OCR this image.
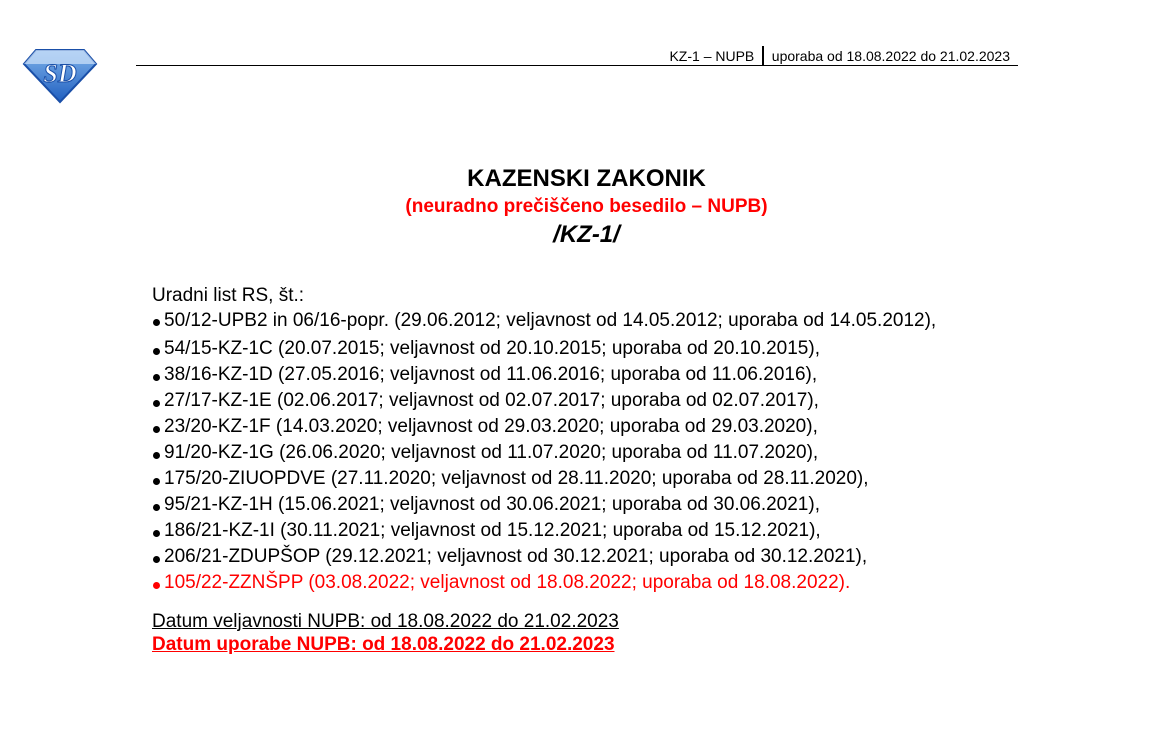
SD
KZ-1 – NUPB uporaba od 18.08.2022 do 21.02.2023
KAZENSKI ZAKONIK
(neuradno prečiščeno besedilo – NUPB)
/KZ-1/
Uradni list RS, št.:
50/12-UPB2 in 06/16-popr. (29.06.2012; veljavnost od 14.05.2012; uporaba od 14.05.2012),
54/15-KZ-1C (20.07.2015; veljavnost od 20.10.2015; uporaba od 20.10.2015),
38/16-KZ-1D (27.05.2016; veljavnost od 11.06.2016; uporaba od 11.06.2016),
27/17-KZ-1E (02.06.2017; veljavnost od 02.07.2017; uporaba od 02.07.2017),
23/20-KZ-1F (14.03.2020; veljavnost od 29.03.2020; uporaba od 29.03.2020),
91/20-KZ-1G (26.06.2020; veljavnost od 11.07.2020; uporaba od 11.07.2020),
175/20-ZIUOPDVE (27.11.2020; veljavnost od 28.11.2020; uporaba od 28.11.2020),
95/21-KZ-1H (15.06.2021; veljavnost od 30.06.2021; uporaba od 30.06.2021),
186/21-KZ-1I (30.11.2021; veljavnost od 15.12.2021; uporaba od 15.12.2021),
206/21-ZDUPŠOP (29.12.2021; veljavnost od 30.12.2021; uporaba od 30.12.2021),
105/22-ZZNŠPP (03.08.2022; veljavnost od 18.08.2022; uporaba od 18.08.2022).
Datum veljavnosti NUPB: od 18.08.2022 do 21.02.2023
Datum uporabe NUPB: od 18.08.2022 do 21.02.2023
